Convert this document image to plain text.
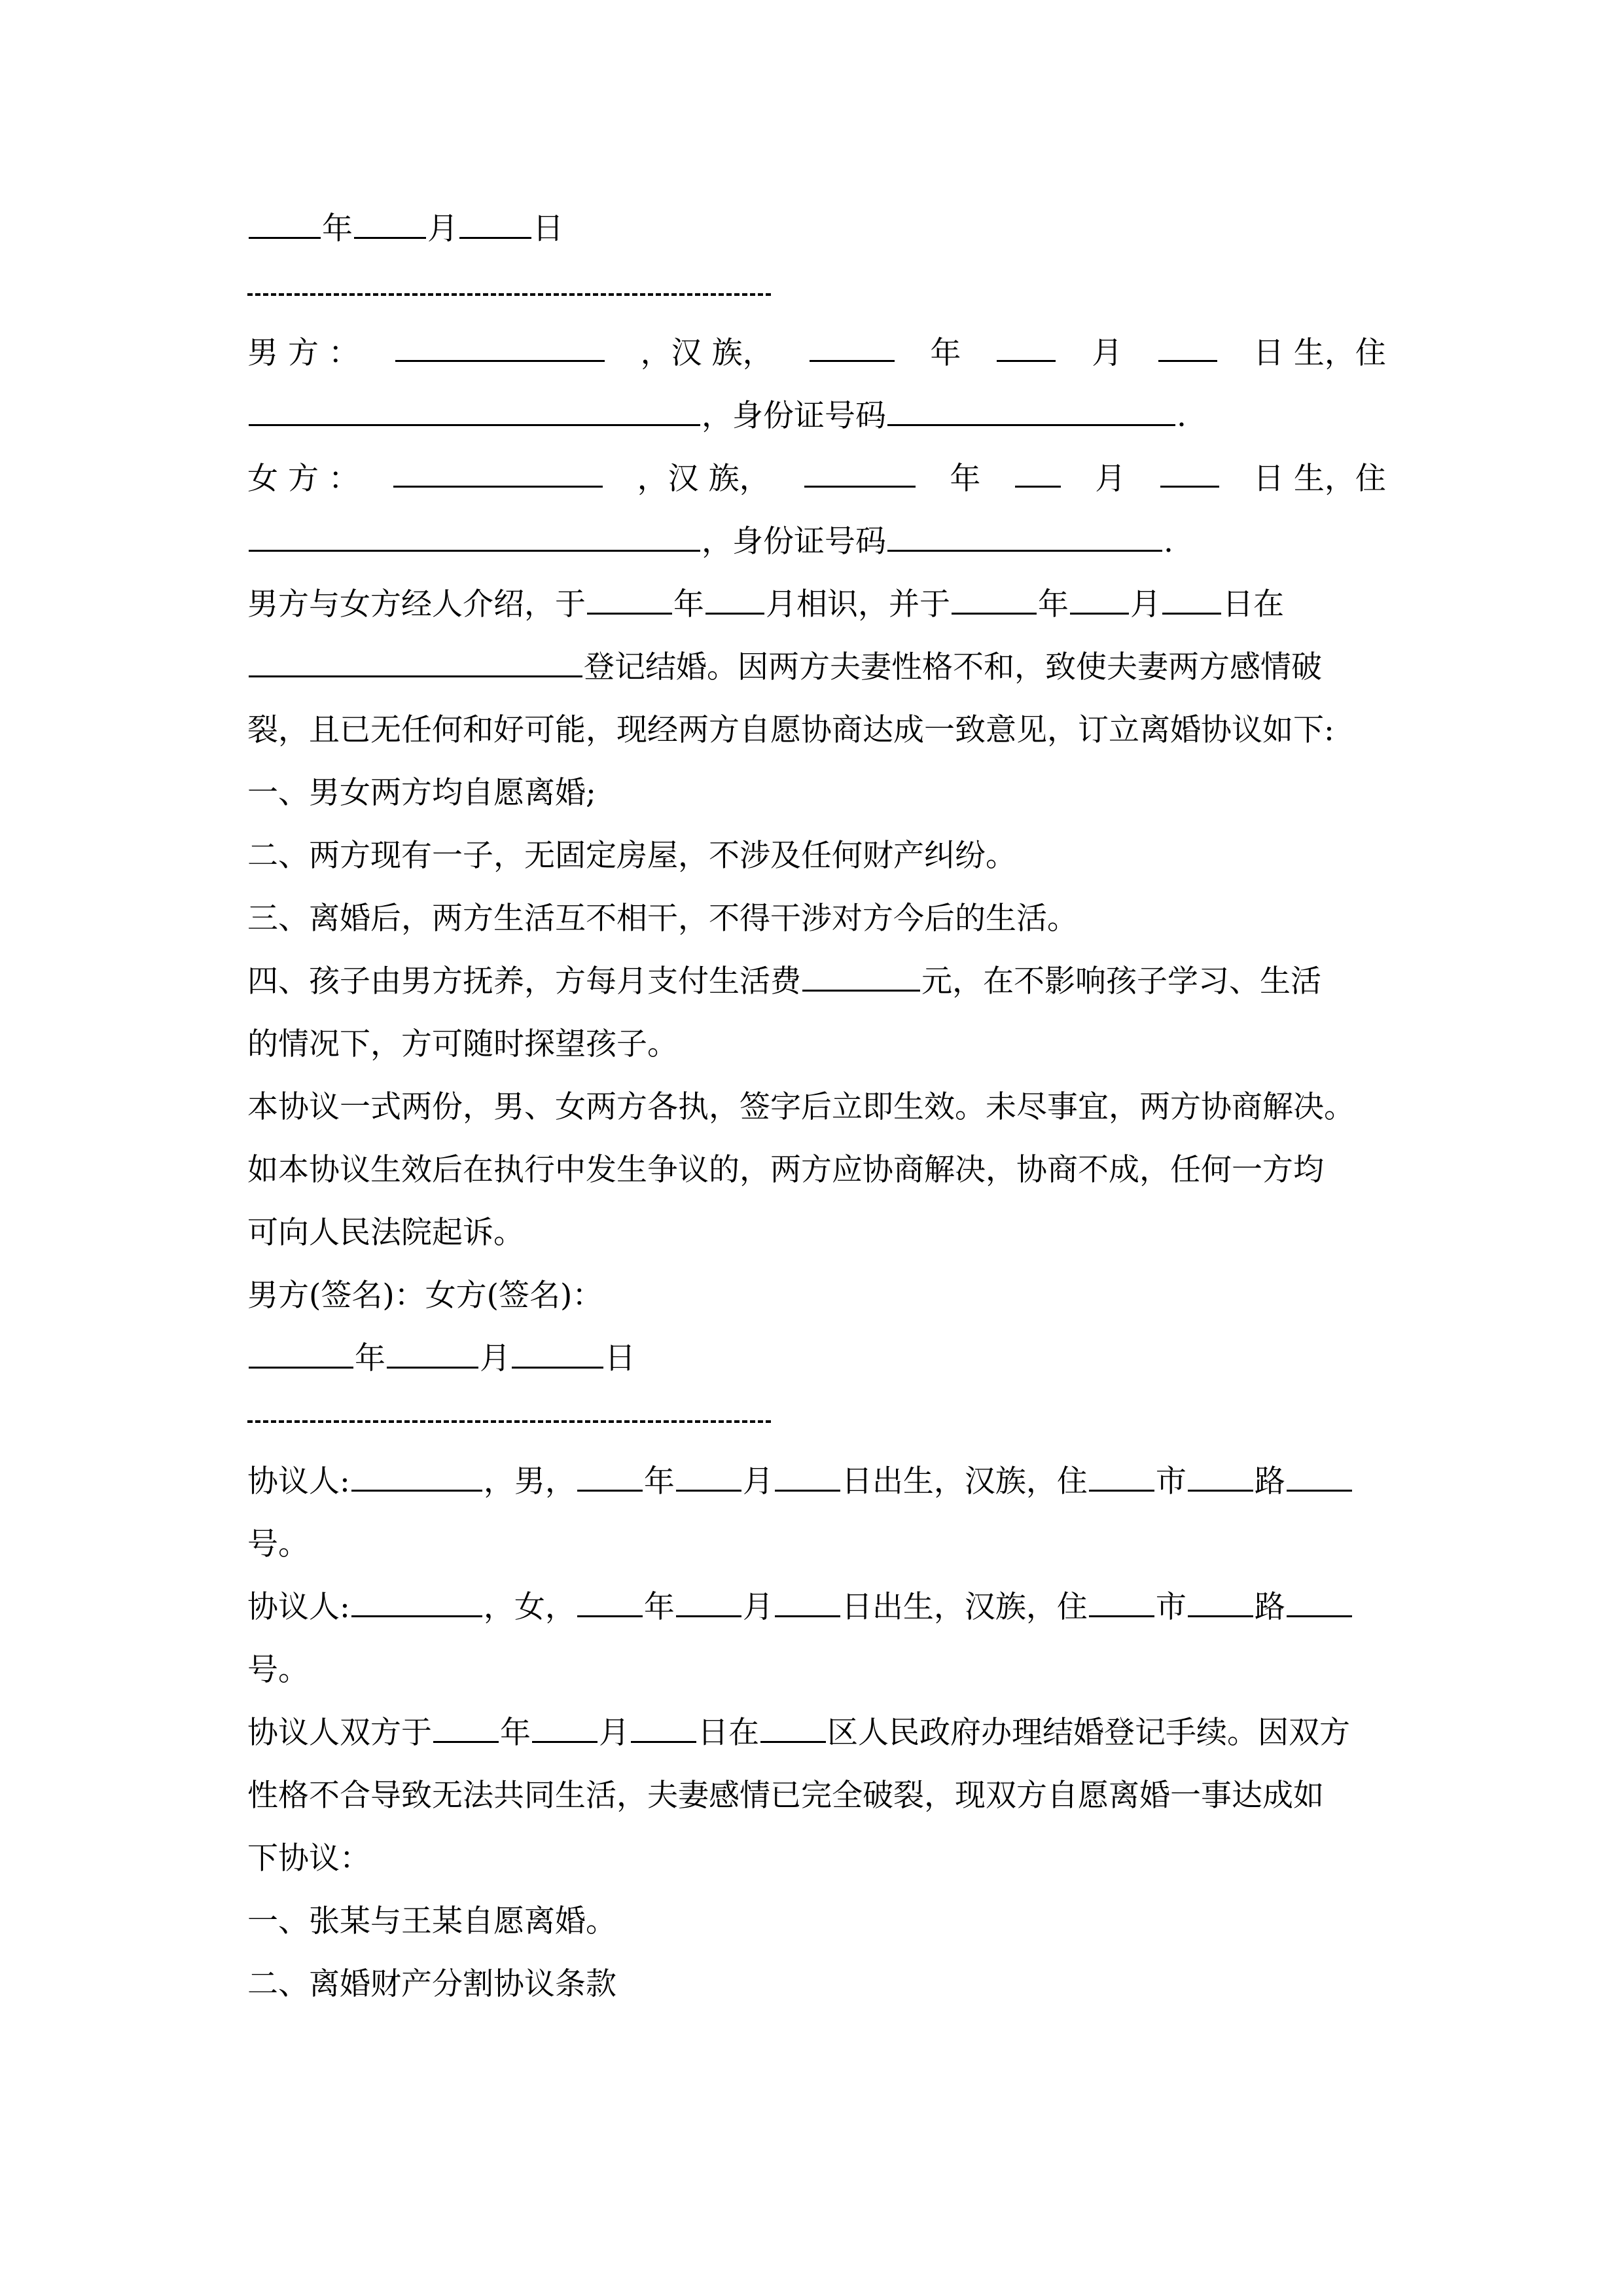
年 月 日
男 方 ：	，汉 族，	年	月	日 生，住
，身份证号码	.
女 方 ：	，汉 族，	年	月	日 生，住
，身份证号码	.
男方与女方经人介绍，于	年 月相识，并于	年 月 日在
登记结婚。因两方夫妻性格不和，致使夫妻两方感情破
裂，且已无任何和好可能，现经两方自愿协商达成一致意见，订立离婚协议如下:
一、男女两方均自愿离婚;
二、两方现有一子，无固定房屋，不涉及任何财产纠纷。
三、离婚后，两方生活互不相干，不得干涉对方今后的生活。
四、孩子由男方抚养，方每月支付生活费	元，在不影响孩子学习、生活
的情况下，方可随时探望孩子。
本协议一式两份，男、女两方各执，签字后立即生效。未尽事宜，两方协商解决。
如本协议生效后在执行中发生争议的，两方应协商解决，协商不成，任何一方均
可向人民法院起诉。
男方(签名)：女方(签名)：
年	月	日
协议人:	，男， 年 月 日出生，汉族，住 市 路
号。
协议人:	，女， 年 月 日出生，汉族，住 市 路
号。
协议人双方于 年 月 日在 区人民政府办理结婚登记手续。因双方
性格不合导致无法共同生活，夫妻感情已完全破裂，现双方自愿离婚一事达成如
下协议：
一、张某与王某自愿离婚。
二、离婚财产分割协议条款
